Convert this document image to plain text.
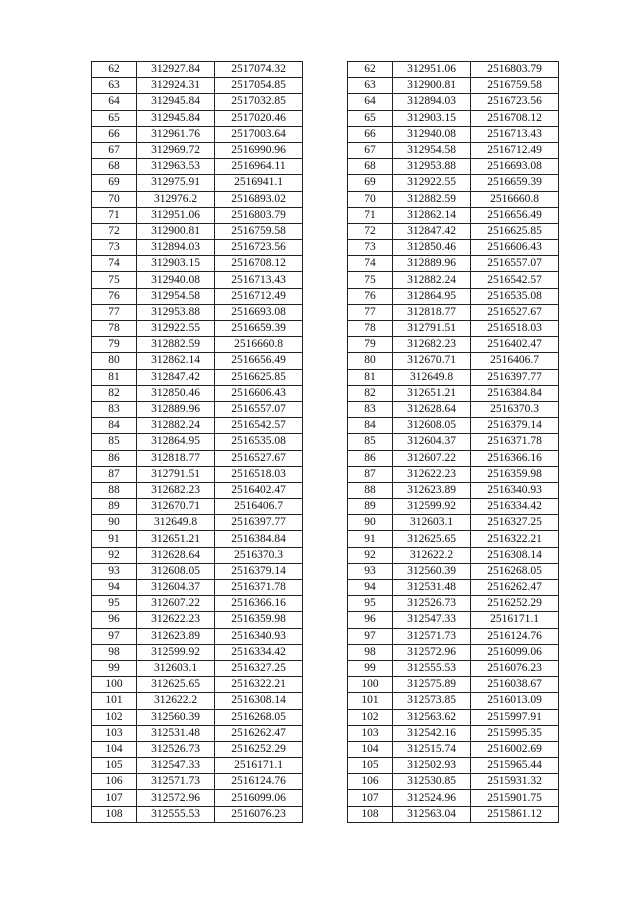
62	312927.84	2517074.32
63	312924.31	2517054.85
64	312945.84	2517032.85
65	312945.84	2517020.46
66	312961.76	2517003.64
67	312969.72	2516990.96
68	312963.53	2516964.11
69	312975.91	2516941.1
70	312976.2	2516893.02
71	312951.06	2516803.79
72	312900.81	2516759.58
73	312894.03	2516723.56
74	312903.15	2516708.12
75	312940.08	2516713.43
76	312954.58	2516712.49
77	312953.88	2516693.08
78	312922.55	2516659.39
79	312882.59	2516660.8
80	312862.14	2516656.49
81	312847.42	2516625.85
82	312850.46	2516606.43
83	312889.96	2516557.07
84	312882.24	2516542.57
85	312864.95	2516535.08
86	312818.77	2516527.67
87	312791.51	2516518.03
88	312682.23	2516402.47
89	312670.71	2516406.7
90	312649.8	2516397.77
91	312651.21	2516384.84
92	312628.64	2516370.3
93	312608.05	2516379.14
94	312604.37	2516371.78
95	312607.22	2516366.16
96	312622.23	2516359.98
97	312623.89	2516340.93
98	312599.92	2516334.42
99	312603.1	2516327.25
100	312625.65	2516322.21
101	312622.2	2516308.14
102	312560.39	2516268.05
103	312531.48	2516262.47
104	312526.73	2516252.29
105	312547.33	2516171.1
106	312571.73	2516124.76
107	312572.96	2516099.06
108	312555.53	2516076.23
62	312951.06	2516803.79
63	312900.81	2516759.58
64	312894.03	2516723.56
65	312903.15	2516708.12
66	312940.08	2516713.43
67	312954.58	2516712.49
68	312953.88	2516693.08
69	312922.55	2516659.39
70	312882.59	2516660.8
71	312862.14	2516656.49
72	312847.42	2516625.85
73	312850.46	2516606.43
74	312889.96	2516557.07
75	312882.24	2516542.57
76	312864.95	2516535.08
77	312818.77	2516527.67
78	312791.51	2516518.03
79	312682.23	2516402.47
80	312670.71	2516406.7
81	312649.8	2516397.77
82	312651.21	2516384.84
83	312628.64	2516370.3
84	312608.05	2516379.14
85	312604.37	2516371.78
86	312607.22	2516366.16
87	312622.23	2516359.98
88	312623.89	2516340.93
89	312599.92	2516334.42
90	312603.1	2516327.25
91	312625.65	2516322.21
92	312622.2	2516308.14
93	312560.39	2516268.05
94	312531.48	2516262.47
95	312526.73	2516252.29
96	312547.33	2516171.1
97	312571.73	2516124.76
98	312572.96	2516099.06
99	312555.53	2516076.23
100	312575.89	2516038.67
101	312573.85	2516013.09
102	312563.62	2515997.91
103	312542.16	2515995.35
104	312515.74	2516002.69
105	312502.93	2515965.44
106	312530.85	2515931.32
107	312524.96	2515901.75
108	312563.04	2515861.12
